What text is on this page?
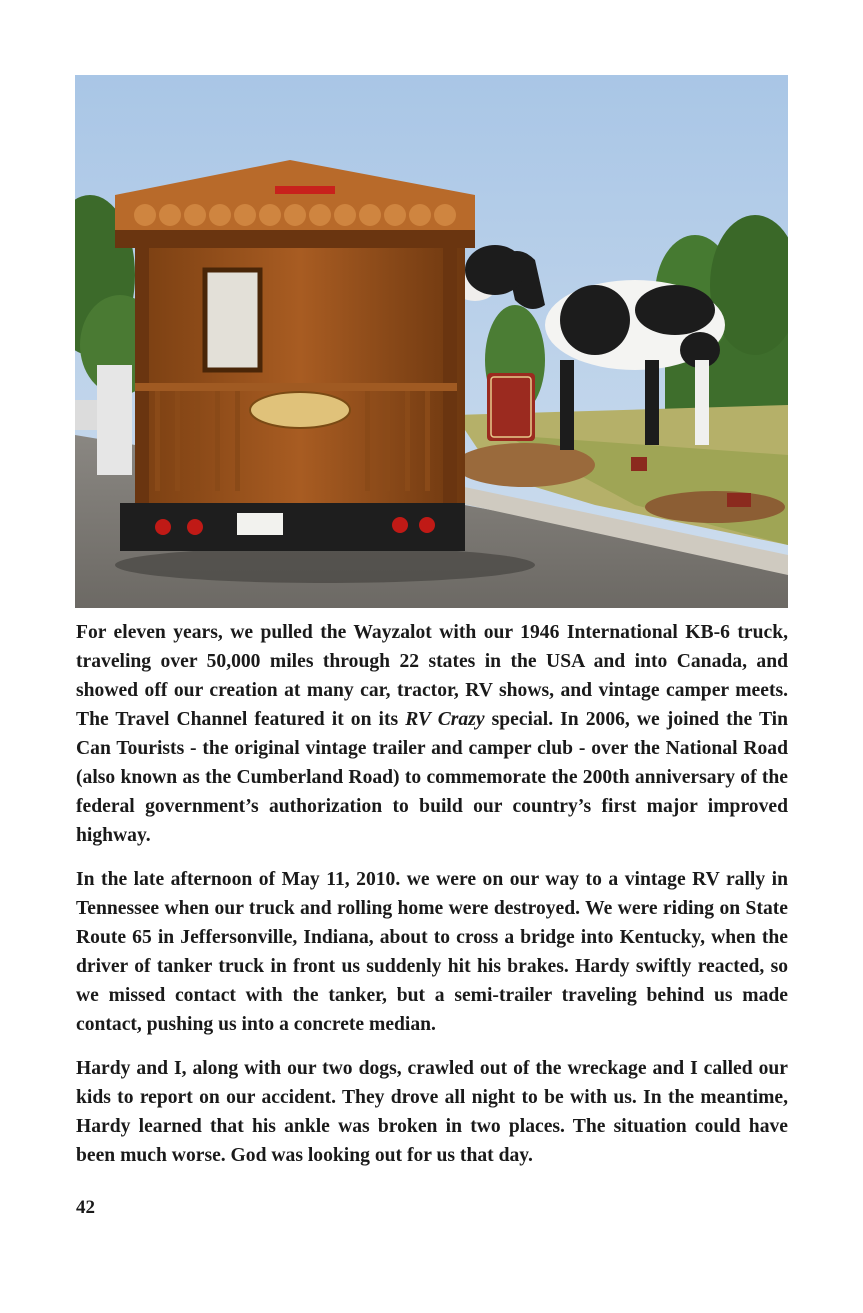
For eleven years, we pulled the Wayzalot with our 1946 International KB-6 truck, traveling over 50,000 miles through 22 states in the USA and into Canada, and showed off our creation at many car, tractor, RV shows, and vintage camper meets. The Travel Channel featured it on its RV Crazy special. In 2006, we joined the Tin Can Tourists - the original vintage trailer and camper club - over the National Road (also known as the Cumberland Road) to commemorate the 200th anniversary of the federal government’s authorization to build our country’s first major improved highway.

In the late afternoon of May 11, 2010. we were on our way to a vintage RV rally in Tennessee when our truck and rolling home were destroyed. We were riding on State Route 65 in Jeffersonville, Indiana, about to cross a bridge into Kentucky, when the driver of tanker truck in front us suddenly hit his brakes. Hardy swiftly reacted, so we missed contact with the tanker, but a semi-trailer traveling behind us made contact, pushing us into a concrete median.

Hardy and I, along with our two dogs, crawled out of the wreckage and I called our kids to report on our accident. They drove all night to be with us. In the meantime, Hardy learned that his ankle was broken in two places. The situation could have been much worse. God was looking out for us that day.

42
